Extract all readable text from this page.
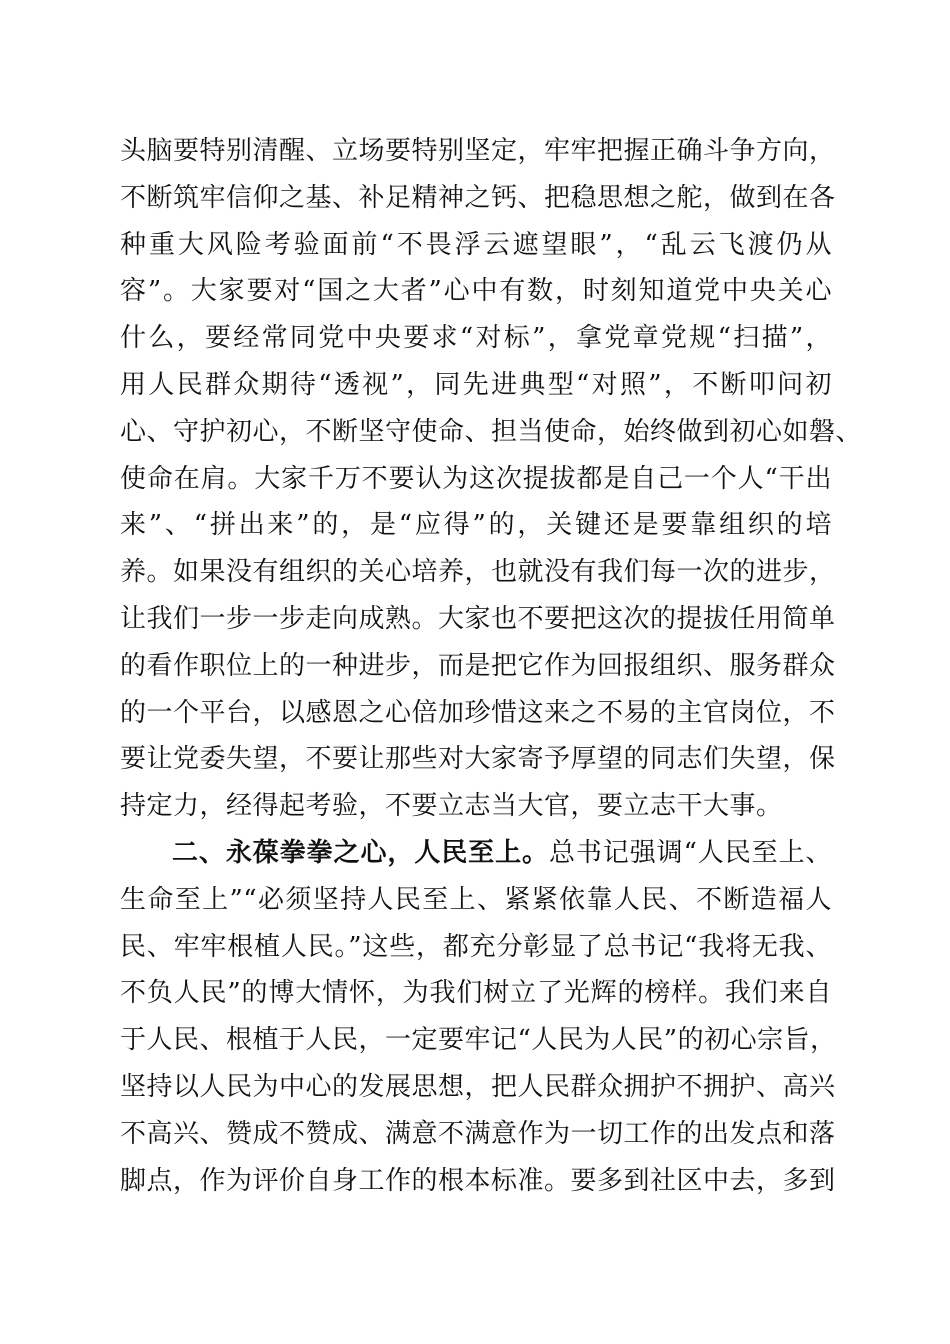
头脑要特别清醒、立场要特别坚定，牢牢把握正确斗争方向，
不断筑牢信仰之基、补足精神之钙、把稳思想之舵，做到在各
种重大风险考验面前“不畏浮云遮望眼”，“乱云飞渡仍从
容”。大家要对“国之大者”心中有数，时刻知道党中央关心
什么，要经常同党中央要求“对标”，拿党章党规“扫描”，
用人民群众期待“透视”，同先进典型“对照”，不断叩问初
心、守护初心，不断坚守使命、担当使命，始终做到初心如磐、
使命在肩。大家千万不要认为这次提拔都是自己一个人“干出
来”、“拼出来”的，是“应得”的，关键还是要靠组织的培
养。如果没有组织的关心培养，也就没有我们每一次的进步，
让我们一步一步走向成熟。大家也不要把这次的提拔任用简单
的看作职位上的一种进步，而是把它作为回报组织、服务群众
的一个平台，以感恩之心倍加珍惜这来之不易的主官岗位，不
要让党委失望，不要让那些对大家寄予厚望的同志们失望，保
持定力，经得起考验，不要立志当大官，要立志干大事。
二、永葆拳拳之心，人民至上。总书记强调“人民至上、
生命至上”“必须坚持人民至上、紧紧依靠人民、不断造福人
民、牢牢根植人民。”这些，都充分彰显了总书记“我将无我、
不负人民”的博大情怀，为我们树立了光辉的榜样。我们来自
于人民、根植于人民，一定要牢记“人民为人民”的初心宗旨，
坚持以人民为中心的发展思想，把人民群众拥护不拥护、高兴
不高兴、赞成不赞成、满意不满意作为一切工作的出发点和落
脚点，作为评价自身工作的根本标准。要多到社区中去，多到
